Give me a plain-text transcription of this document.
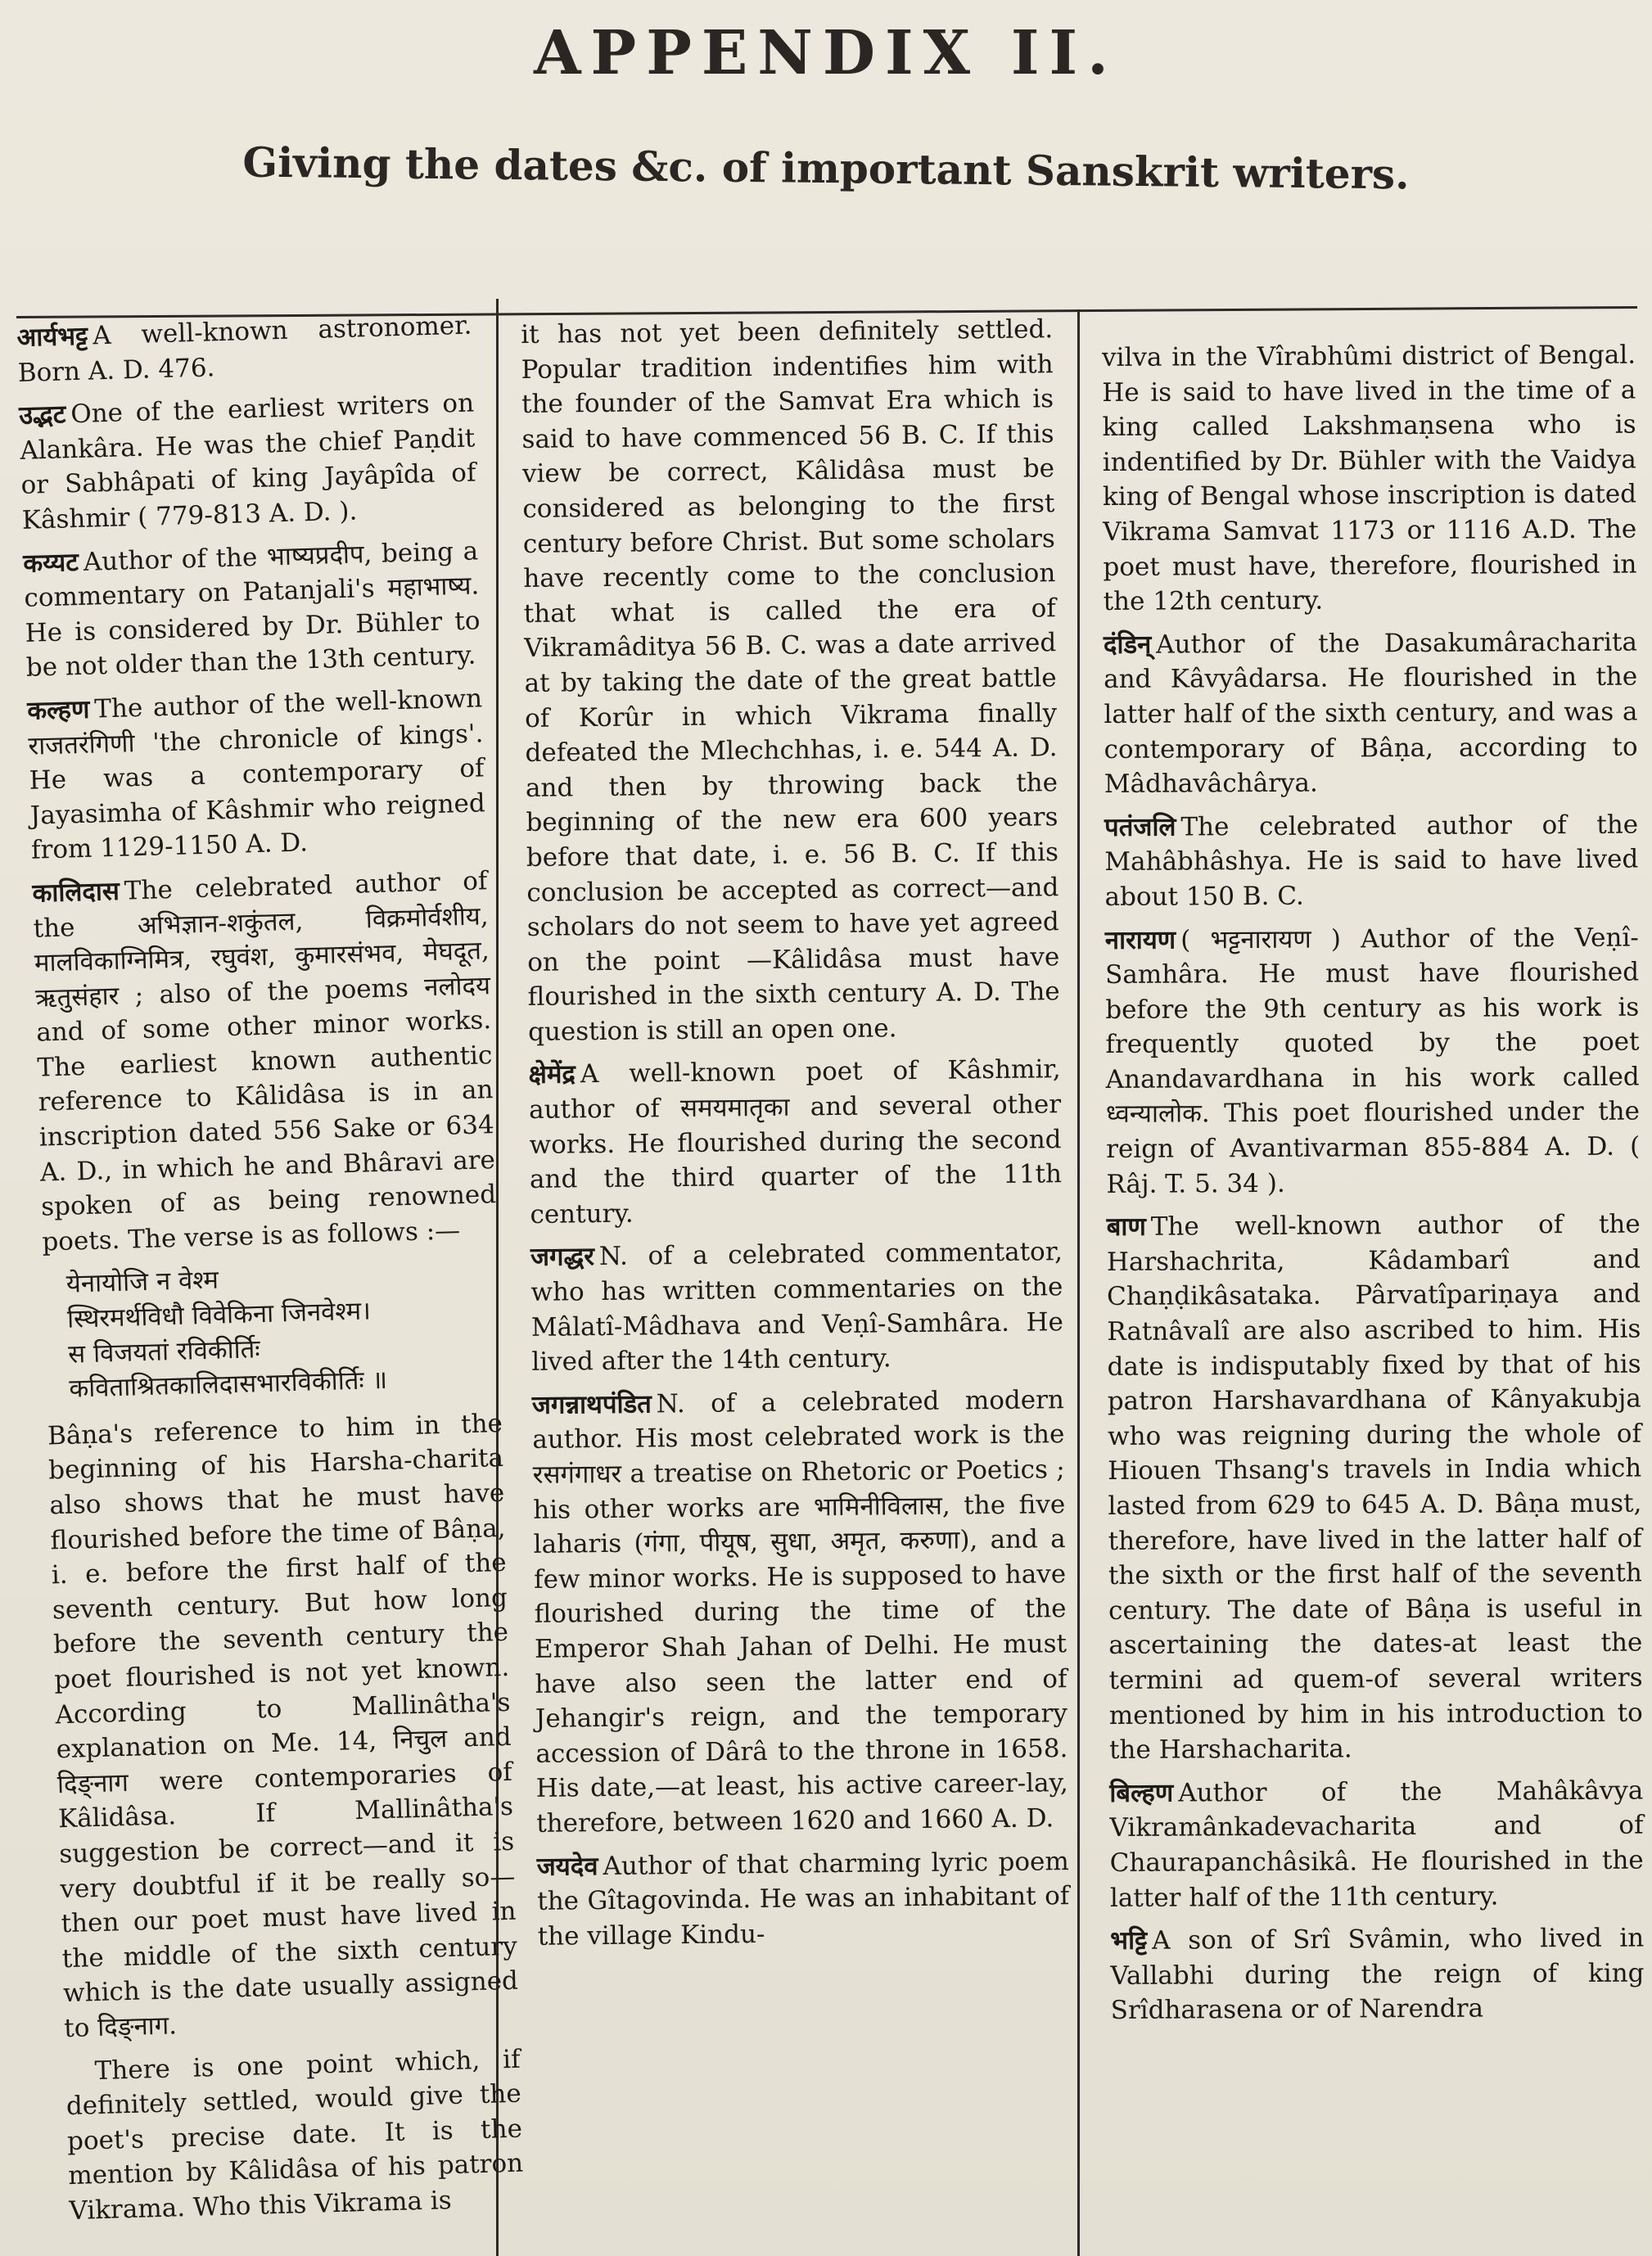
APPENDIX II.
Giving the dates &c. of important Sanskrit writers.

आर्यभट्ट A well-known astronomer. Born A. D. 476.

उद्भट One of the earliest writers on Alankâra. He was the chief Paṇdit or Sabhâpati of king Jayâpîda of Kâshmir ( 779-813 A. D. ).

कय्यट Author of the भाष्यप्रदीप, being a commentary on Patanjali's महाभाष्य. He is considered by Dr. Bühler to be not older than the 13th century.

कल्हण The author of the well-known राजतरंगिणी 'the chronicle of kings'. He was a contemporary of Jayasimha of Kâshmir who reigned from 1129-1150 A. D.

कालिदास The celebrated author of the अभिज्ञान-शकुंतल, विक्रमोर्वशीय, मालविकाग्निमित्र, रघुवंश, कुमारसंभव, मेघदूत, ऋतुसंहार ; also of the poems नलोदय and of some other minor works. The earliest known authentic reference to Kâlidâsa is in an inscription dated 556 Sake or 634 A. D., in which he and Bhâravi are spoken of as being renowned poets. The verse is as follows :—

येनायोजि न वेश्म
स्थिरमर्थविधौ विवेकिना जिनवेश्म।
स विजयतां रविकीर्तिः
कविताश्रितकालिदासभारविकीर्तिः ॥

Bâṇa's reference to him in the beginning of his Harsha-charita also shows that he must have flourished before the time of Bâṇa, i. e. before the first half of the seventh century. But how long before the seventh century the poet flourished is not yet known. According to Mallinâtha's explanation on Me. 14, निचुल and दिङ्नाग were contemporaries of Kâlidâsa. If Mallinâtha's suggestion be correct—and it is very doubtful if it be really so—then our poet must have lived in the middle of the sixth century which is the date usually assigned to दिङ्नाग.

There is one point which, if definitely settled, would give the poet's precise date. It is the mention by Kâlidâsa of his patron Vikrama. Who this Vikrama is

it has not yet been definitely settled. Popular tradition indentifies him with the founder of the Samvat Era which is said to have commenced 56 B. C. If this view be correct, Kâlidâsa must be considered as belonging to the first century before Christ. But some scholars have recently come to the conclusion that what is called the era of Vikramâditya 56 B. C. was a date arrived at by taking the date of the great battle of Korûr in which Vikrama finally defeated the Mlechchhas, i. e. 544 A. D. and then by throwing back the beginning of the new era 600 years before that date, i. e. 56 B. C. If this conclusion be accepted as correct—and scholars do not seem to have yet agreed on the point —Kâlidâsa must have flourished in the sixth century A. D. The question is still an open one.

क्षेमेंद्र A well-known poet of Kâshmir, author of समयमातृका and several other works. He flourished during the second and the third quarter of the 11th century.

जगद्धर N. of a celebrated commentator, who has written commentaries on the Mâlatî-Mâdhava and Veṇî-Samhâra. He lived after the 14th century.

जगन्नाथपंडित N. of a celebrated modern author. His most celebrated work is the रसगंगाधर a treatise on Rhetoric or Poetics ; his other works are भामिनीविलास, the five laharis (गंगा, पीयूष, सुधा, अमृत, करुणा), and a few minor works. He is supposed to have flourished during the time of the Emperor Shah Jahan of Delhi. He must have also seen the latter end of Jehangir's reign, and the temporary accession of Dârâ to the throne in 1658. His date,—at least, his active career-lay, therefore, between 1620 and 1660 A. D.

जयदेव Author of that charming lyric poem the Gîtagovinda. He was an inhabitant of the village Kindu-

vilva in the Vîrabhûmi district of Bengal. He is said to have lived in the time of a king called Lakshmaṇsena who is indentified by Dr. Bühler with the Vaidya king of Bengal whose inscription is dated Vikrama Samvat 1173 or 1116 A.D. The poet must have, therefore, flourished in the 12th century.

दंडिन् Author of the Dasakumâracharita and Kâvyâdarsa. He flourished in the latter half of the sixth century, and was a contemporary of Bâṇa, according to Mâdhavâchârya.

पतंजलि The celebrated author of the Mahâbhâshya. He is said to have lived about 150 B. C.

नारायण ( भट्टनारायण ) Author of the Veṇî-Samhâra. He must have flourished before the 9th century as his work is frequently quoted by the poet Anandavardhana in his work called ध्वन्यालोक. This poet flourished under the reign of Avantivarman 855-884 A. D. ( Râj. T. 5. 34 ).

बाण The well-known author of the Harshachrita, Kâdambarî and Chaṇḍikâsataka. Pârvatîpariṇaya and Ratnâvalî are also ascribed to him. His date is indisputably fixed by that of his patron Harshavardhana of Kânyakubja who was reigning during the whole of Hiouen Thsang's travels in India which lasted from 629 to 645 A. D. Bâṇa must, therefore, have lived in the latter half of the sixth or the first half of the seventh century. The date of Bâṇa is useful in ascertaining the dates-at least the termini ad quem-of several writers mentioned by him in his introduction to the Harshacharita.

बिल्हण Author of the Mahâkâvya Vikramânkadevacharita and of Chaurapanchâsikâ. He flourished in the latter half of the 11th century.

भट्टि A son of Srî Svâmin, who lived in Vallabhi during the reign of king Srîdharasena or of Narendra
